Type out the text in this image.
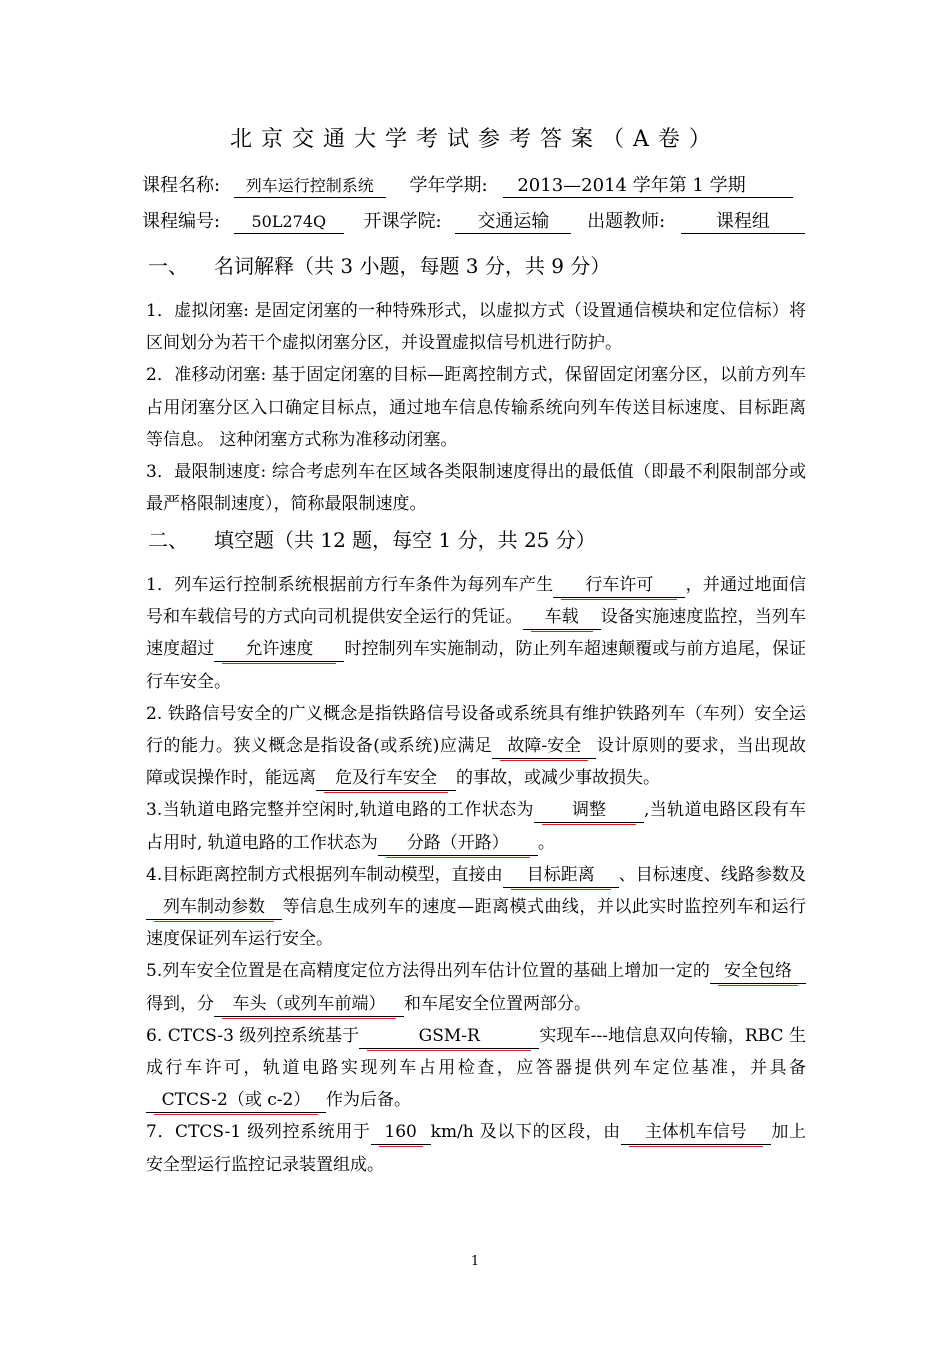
北京交通大学考试参考答案（A卷）
课程名称: 列车运行控制系统 学年学期: 2013—2014 学年第 1 学期
课程编号: 50L274Q 开课学院: 交通运输 出题教师:	课程组
一、 名词解释（共 3 小题，每题 3 分，共 9 分）

1．虚拟闭塞: 是固定闭塞的一种特殊形式，以虚拟方式（设置通信模块和定位信标）将区间划分为若干个虚拟闭塞分区，并设置虚拟信号机进行防护。

2．准移动闭塞: 基于固定闭塞的目标—距离控制方式，保留固定闭塞分区，以前方列车占用闭塞分区入口确定目标点，通过地车信息传输系统向列车传送目标速度、目标距离等信息。 这种闭塞方式称为准移动闭塞。

3．最限制速度: 综合考虑列车在区域各类限制速度得出的最低值（即最不利限制部分或最严格限制速度），简称最限制速度。

二、 填空题（共 12 题，每空 1 分，共 25 分）

1．列车运行控制系统根据前方行车条件为每列车产生 行车许可 ，并通过地面信号和车载信号的方式向司机提供安全运行的凭证。 车载 设备实施速度监控，当列车速度超过 允许速度 时控制列车实施制动，防止列车超速颠覆或与前方追尾，保证行车安全。

2. 铁路信号安全的广义概念是指铁路信号设备或系统具有维护铁路列车（车列）安全运行的能力。狭义概念是指设备(或系统)应满足 故障-安全 设计原则的要求，当出现故障或误操作时，能远离 危及行车安全 的事故，或减少事故损失。

3.当轨道电路完整并空闲时,轨道电路的工作状态为 调整 ,当轨道电路区段有车占用时, 轨道电路的工作状态为 分路（开路） 。

4.目标距离控制方式根据列车制动模型，直接由 目标距离 、目标速度、线路参数及列车制动参数 等信息生成列车的速度—距离模式曲线，并以此实时监控列车和运行速度保证列车运行安全。

5.列车安全位置是在高精度定位方法得出列车估计位置的基础上增加一定的 安全包络得到，分 车头（或列车前端） 和车尾安全位置两部分。

6. CTCS-3 级列控系统基于	GSM-R	实现车---地信息双向传输，RBC 生成行车许可，轨道电路实现列车占用检查，应答器提供列车定位基准，并具备CTCS-2（或 c-2） 作为后备。

7．CTCS-1 级列控系统用于 160 km/h 及以下的区段，由 主体机车信号 加上安全型运行监控记录装置组成。

1
